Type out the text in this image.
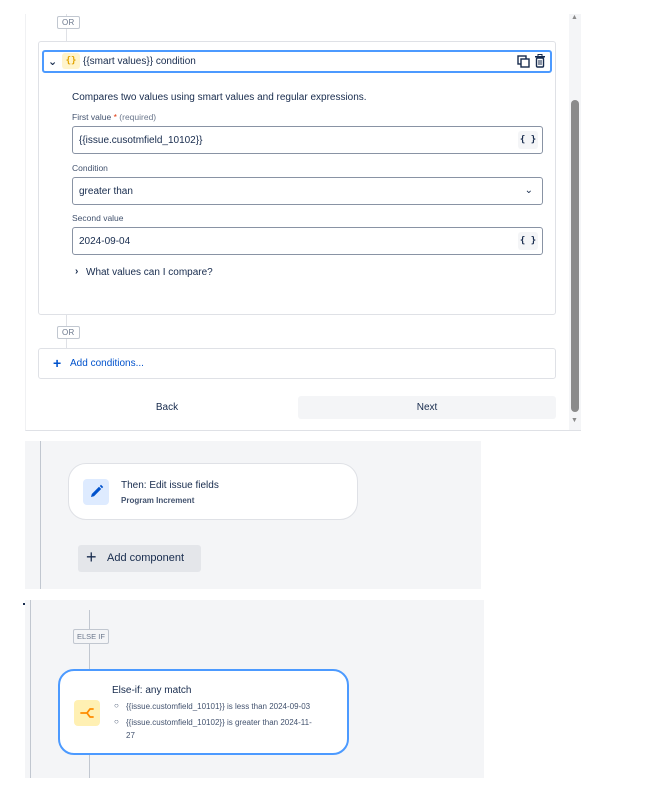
OR
⌄ {} {{smart values}} condition
Compares two values using smart values and regular expressions.
First value * (required)
{{issue.cusotmfield_10102}}	{ }
Condition
greater than	⌄
Second value
2024-09-04	{ }
› What values can I compare?
OR
+ Add conditions...
Back	Next
▲
▼
Then: Edit issue fields
Program Increment
+ Add component
ELSE IF
Else-if: any match
○ {{issue.customfield_10101}} is less than 2024-09-03
○ {{issue.customfield_10102}} is greater than 2024-11-
27
